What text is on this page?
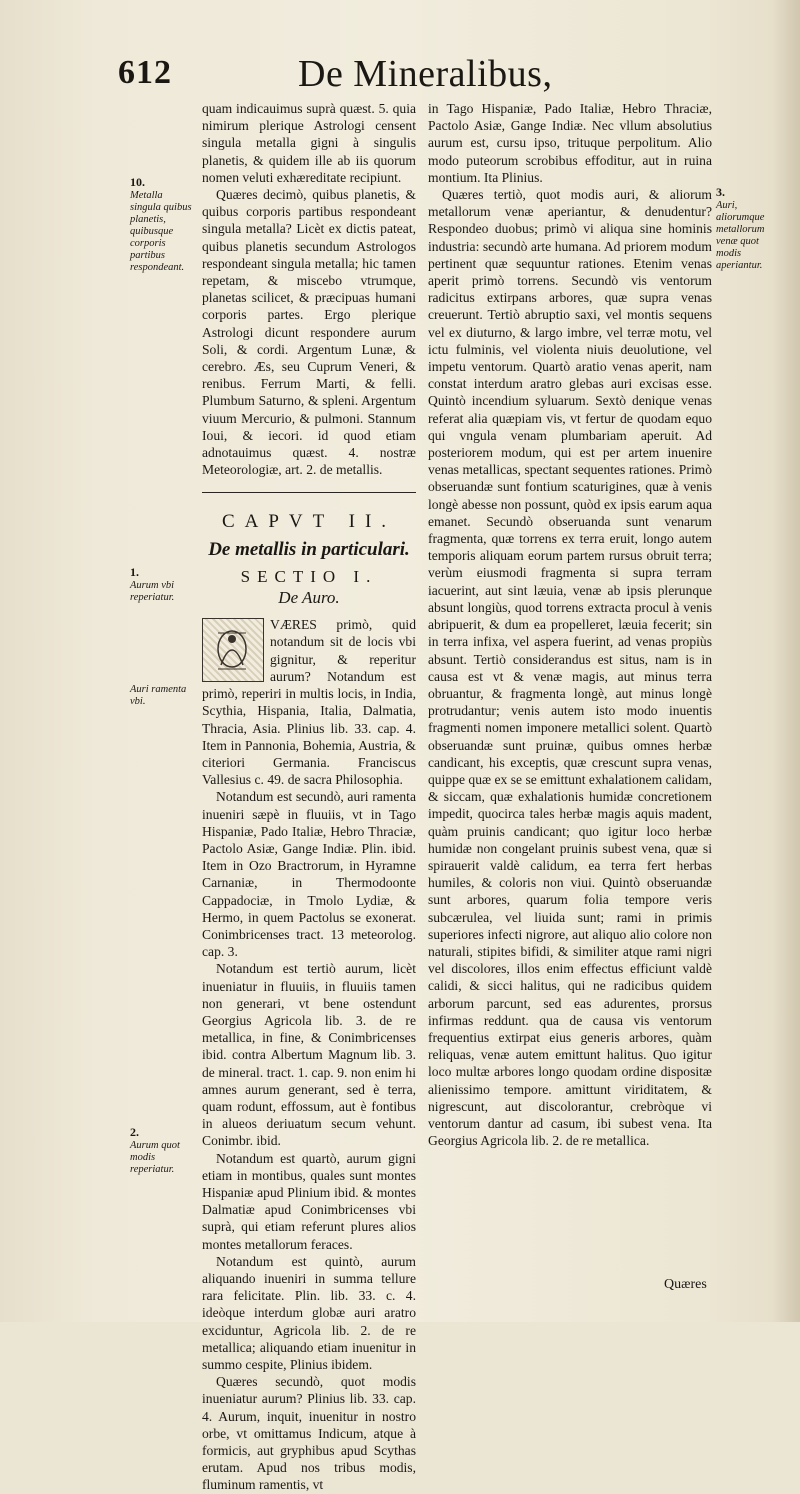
612	De Mineralibus,
10.
Metalla singula quibus planetis, quibusque corporis partibus respondeant.
1.
Aurum vbi reperiatur.
Auri ramenta vbi.
2.
Aurum quot modis reperiatur.
3.
Auri, aliorumque metallorum venæ quot modis aperiantur.

quam indicauimus suprà quæst. 5. quia nimirum plerique Astrologi censent singula metalla gigni à singulis planetis, & quidem ille ab iis quorum nomen veluti exhæreditate recipiunt.

Quæres decimò, quibus planetis, & quibus corporis partibus respondeant singula metalla? Licèt ex dictis pateat, quibus planetis secundum Astrologos respondeant singula metalla; hic tamen repetam, & miscebo vtrumque, planetas scilicet, & præcipuas humani corporis partes. Ergo plerique Astrologi dicunt respondere aurum Soli, & cordi. Argentum Lunæ, & cerebro. Æs, seu Cuprum Veneri, & renibus. Ferrum Marti, & felli. Plumbum Saturno, & spleni. Argentum viuum Mercurio, & pulmoni. Stannum Ioui, & iecori. id quod etiam adnotauimus quæst. 4. nostræ Meteorologiæ, art. 2. de metallis.

CAPVT II.
De metallis in particulari.
SECTIO I.
De Auro.

VÆRES primò, quid notandum sit de locis vbi gignitur, & reperitur aurum? Notandum est primò, reperiri in multis locis, in India, Scythia, Hispania, Italia, Dalmatia, Thracia, Asia. Plinius lib. 33. cap. 4. Item in Pannonia, Bohemia, Austria, & citeriori Germania. Franciscus Vallesius c. 49. de sacra Philosophia.

Notandum est secundò, auri ramenta inueniri sæpè in fluuiis, vt in Tago Hispaniæ, Pado Italiæ, Hebro Thraciæ, Pactolo Asiæ, Gange Indiæ. Plin. ibid. Item in Ozo Bractrorum, in Hyramne Carnaniæ, in Thermodoonte Cappadociæ, in Tmolo Lydiæ, & Hermo, in quem Pactolus se exonerat. Conimbricenses tract. 13 meteorolog. cap. 3.

Notandum est tertiò aurum, licèt inueniatur in fluuiis, in fluuiis tamen non generari, vt bene ostendunt Georgius Agricola lib. 3. de re metallica, in fine, & Conimbricenses ibid. contra Albertum Magnum lib. 3. de mineral. tract. 1. cap. 9. non enim hi amnes aurum generant, sed è terra, quam rodunt, effossum, aut è fontibus in alueos deriuatum secum vehunt. Conimbr. ibid.

Notandum est quartò, aurum gigni etiam in montibus, quales sunt montes Hispaniæ apud Plinium ibid. & montes Dalmatiæ apud Conimbricenses vbi suprà, qui etiam referunt plures alios montes metallorum feraces.

Notandum est quintò, aurum aliquando inueniri in summa tellure rara felicitate. Plin. lib. 33. c. 4. ideòque interdum globæ auri aratro exciduntur, Agricola lib. 2. de re metallica; aliquando etiam inuenitur in summo cespite, Plinius ibidem.

Quæres secundò, quot modis inueniatur aurum? Plinius lib. 33. cap. 4. Aurum, inquit, inuenitur in nostro orbe, vt omittamus Indicum, atque à formicis, aut gryphibus apud Scythas erutam. Apud nos tribus modis, fluminum ramentis, vt

in Tago Hispaniæ, Pado Italiæ, Hebro Thraciæ, Pactolo Asiæ, Gange Indiæ. Nec vllum absolutius aurum est, cursu ipso, trituque perpolitum. Alio modo puteorum scrobibus effoditur, aut in ruina montium. Ita Plinius.

Quæres tertiò, quot modis auri, & aliorum metallorum venæ aperiantur, & denudentur? Respondeo duobus; primò vi aliqua sine hominis industria: secundò arte humana. Ad priorem modum pertinent quæ sequuntur rationes. Etenim venas aperit primò torrens. Secundò vis ventorum radicitus extirpans arbores, quæ supra venas creuerunt. Tertiò abruptio saxi, vel montis sequens vel ex diuturno, & largo imbre, vel terræ motu, vel ictu fulminis, vel violenta niuis deuolutione, vel impetu ventorum. Quartò aratio venas aperit, nam constat interdum aratro glebas auri excisas esse. Quintò incendium syluarum. Sextò denique venas referat alia quæpiam vis, vt fertur de quodam equo qui vngula venam plumbariam aperuit. Ad posteriorem modum, qui est per artem inuenire venas metallicas, spectant sequentes rationes. Primò obseruandæ sunt fontium scaturigines, quæ à venis longè abesse non possunt, quòd ex ipsis earum aqua emanet. Secundò obseruanda sunt venarum fragmenta, quæ torrens ex terra eruit, longo autem temporis aliquam eorum partem rursus obruit terra; verùm eiusmodi fragmenta si supra terram iacuerint, aut sint læuia, venæ ab ipsis plerunque absunt longiùs, quod torrens extracta procul à venis abripuerit, & dum ea propelleret, læuia fecerit; sin in terra infixa, vel aspera fuerint, ad venas propiùs absunt. Tertiò considerandus est situs, nam is in causa est vt & venæ magis, aut minus terra obruantur, & fragmenta longè, aut minus longè protrudantur; venis autem isto modo inuentis fragmenti nomen imponere metallici solent. Quartò obseruandæ sunt pruinæ, quibus omnes herbæ candicant, his exceptis, quæ crescunt supra venas, quippe quæ ex se se emittunt exhalationem calidam, & siccam, quæ exhalationis humidæ concretionem impedit, quocirca tales herbæ magis aquis madent, quàm pruinis candicant; quo igitur loco herbæ humidæ non congelant pruinis subest vena, quæ si spirauerit valdè calidum, ea terra fert herbas humiles, & coloris non viui. Quintò obseruandæ sunt arbores, quarum folia tempore veris subcærulea, vel liuida sunt; rami in primis superiores infecti nigrore, aut aliquo alio colore non naturali, stipites bifidi, & similiter atque rami nigri vel discolores, illos enim effectus efficiunt valdè calidi, & sicci halitus, qui ne radicibus quidem arborum parcunt, sed eas adurentes, prorsus infirmas reddunt. qua de causa vis ventorum frequentius extirpat eius generis arbores, quàm reliquas, venæ autem emittunt halitus. Quo igitur loco multæ arbores longo quodam ordine dispositæ alienissimo tempore. amittunt viriditatem, & nigrescunt, aut discolorantur, crebròque vi ventorum dantur ad casum, ibi subest vena. Ita Georgius Agricola lib. 2. de re metallica.

Quæres
